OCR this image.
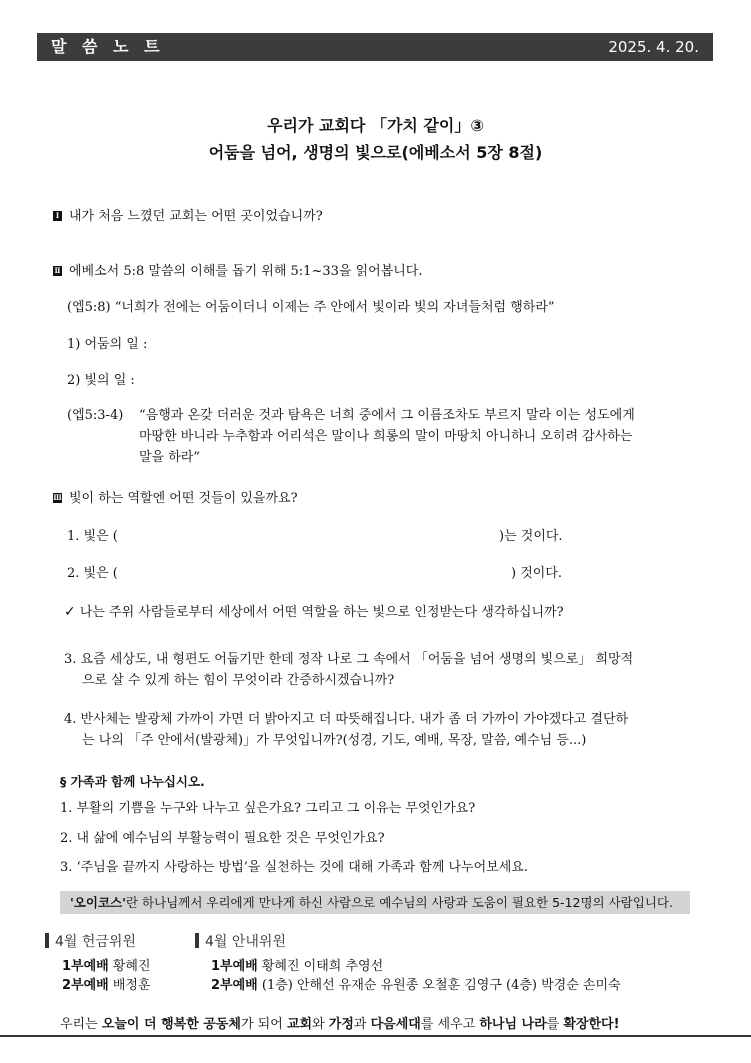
말 씀 노 트	2025. 4. 20.
우리가 교회다 「가치 같이」③
어둠을 넘어, 생명의 빛으로(에베소서 5장 8절)
Ⅰ 내가 처음 느꼈던 교회는 어떤 곳이었습니까?
Ⅱ 에베소서 5:8 말씀의 이해를 돕기 위해 5:1~33을 읽어봅니다.
(엡5:8) “너희가 전에는 어둠이더니 이제는 주 안에서 빛이라 빛의 자녀들처럼 행하라”
1) 어둠의 일 :
2) 빛의 일 :
(엡5:3-4) “음행과 온갖 더러운 것과 탐욕은 너희 중에서 그 이름조차도 부르지 말라 이는 성도에게
마땅한 바니라 누추함과 어리석은 말이나 희롱의 말이 마땅치 아니하니 오히려 감사하는
말을 하라”
Ⅲ 빛이 하는 역할엔 어떤 것들이 있을까요?
1. 빛은 (	)는 것이다.
2. 빛은 (	) 것이다.
✓ 나는 주위 사람들로부터 세상에서 어떤 역할을 하는 빛으로 인정받는다 생각하십니까?
3. 요즘 세상도, 내 형편도 어둡기만 한데 정작 나로 그 속에서 「어둠을 넘어 생명의 빛으로」 희망적
으로 살 수 있게 하는 힘이 무엇이라 간증하시겠습니까?
4. 반사체는 발광체 가까이 가면 더 밝아지고 더 따뜻해집니다. 내가 좀 더 가까이 가야겠다고 결단하
는 나의 「주 안에서(발광체)」가 무엇입니까?(성경, 기도, 예배, 목장, 말씀, 예수님 등...)
§ 가족과 함께 나누십시오.
1. 부활의 기쁨을 누구와 나누고 싶은가요? 그리고 그 이유는 무엇인가요?
2. 내 삶에 예수님의 부활능력이 필요한 것은 무엇인가요?
3. ‘주님을 끝까지 사랑하는 방법’을 실천하는 것에 대해 가족과 함께 나누어보세요.
'오이코스'란 하나님께서 우리에게 만나게 하신 사람으로 예수님의 사랑과 도움이 필요한 5-12명의 사람입니다.
4월 헌금위원
1부예배 황혜진
2부예배 배정훈
4월 안내위원
1부예배 황혜진 이태희 추영선
2부예배 (1층) 안해선 유재순 유원종 오철훈 김영구 (4층) 박경순 손미숙
우리는 오늘이 더 행복한 공동체가 되어 교회와 가정과 다음세대를 세우고 하나님 나라를 확장한다!
